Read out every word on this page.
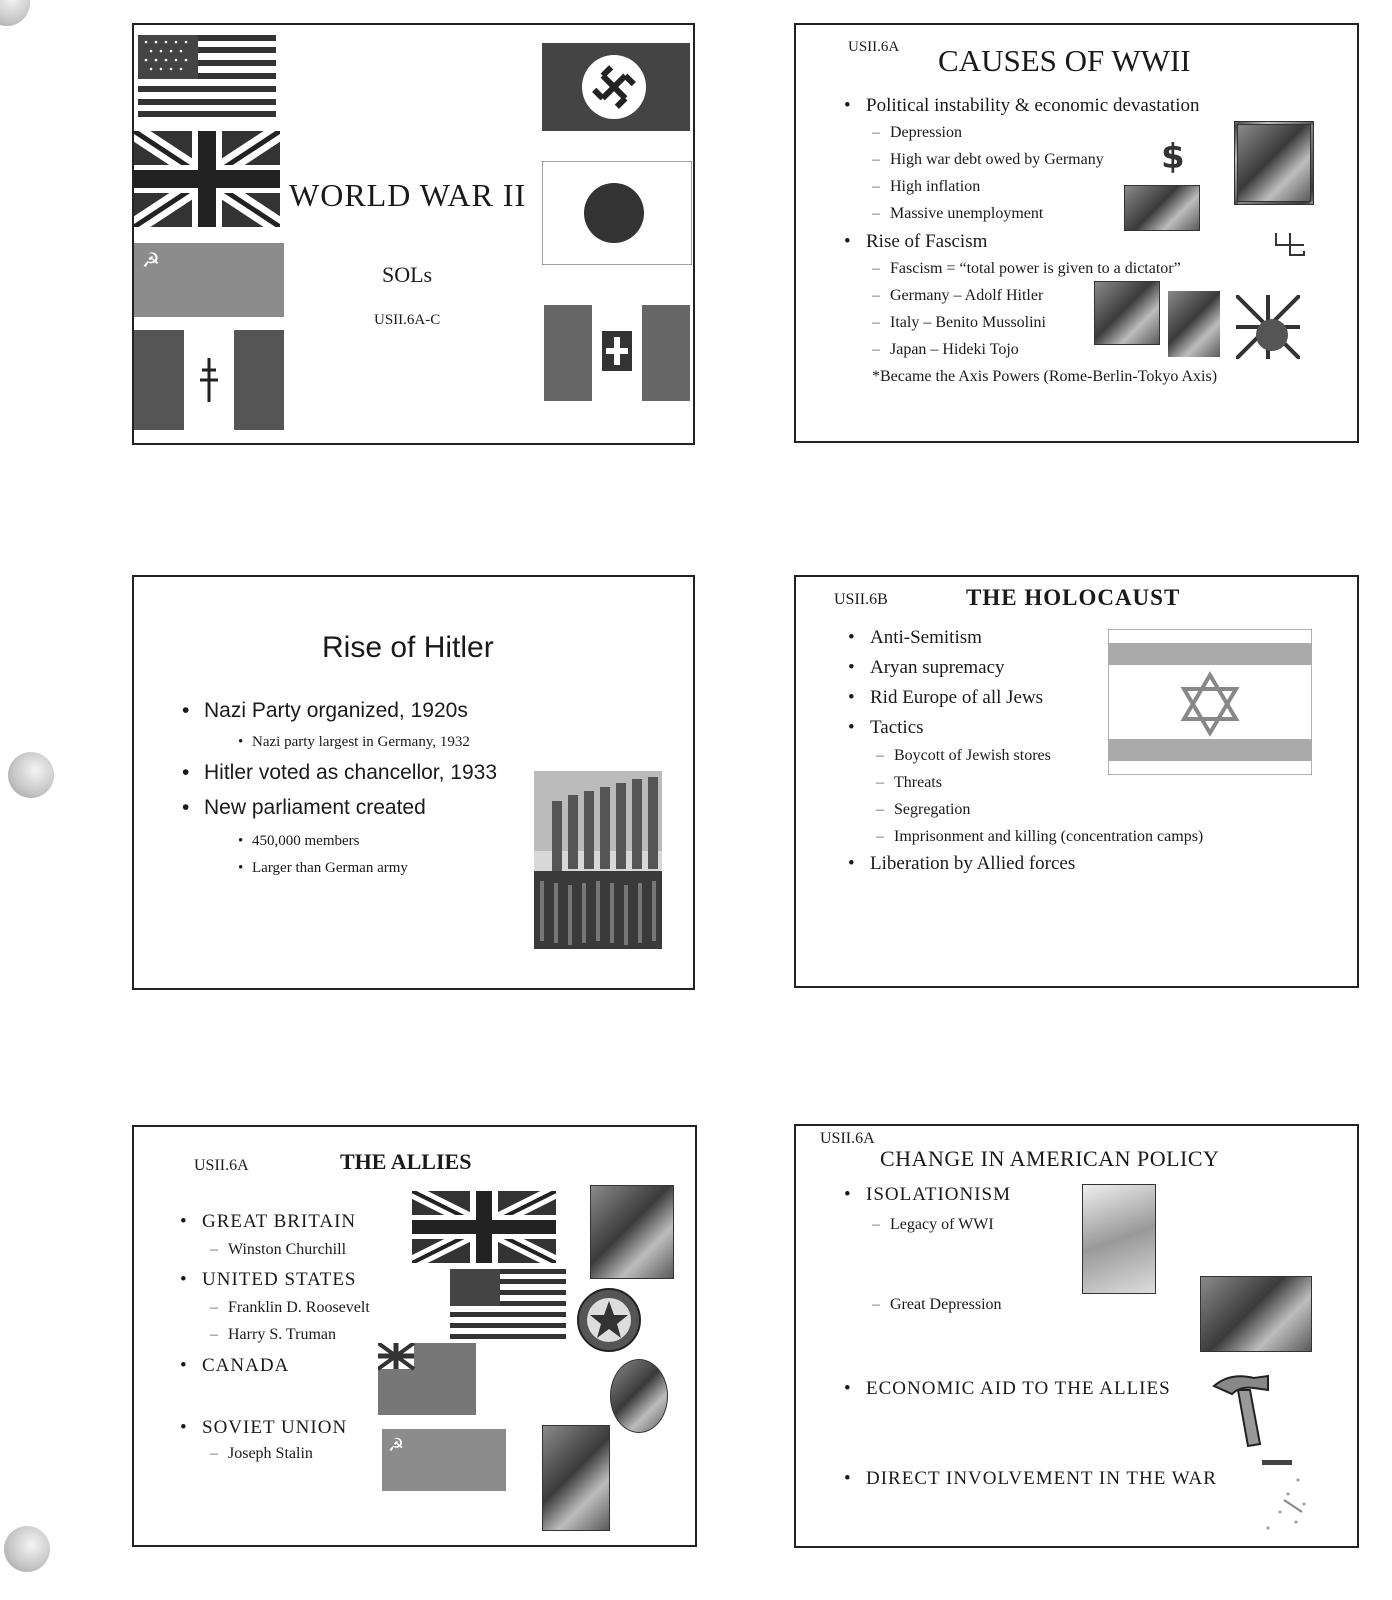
☭
WORLD WAR II
SOLs
USII.6A-C
USII.6A CAUSES OF WWII
• Political instability & economic devastation
– Depression
– High war debt owed by Germany
– High inflation
– Massive unemployment
$
• Rise of Fascism
– Fascism = “total power is given to a dictator”
– Germany – Adolf Hitler
– Italy – Benito Mussolini
– Japan – Hideki Tojo
*Became the Axis Powers (Rome-Berlin-Tokyo Axis)
Rise of Hitler
• Nazi Party organized, 1920s
• Nazi party largest in Germany, 1932
• Hitler voted as chancellor, 1933
• New parliament created
• 450,000 members
• Larger than German army
USII.6B	THE HOLOCAUST
• Anti-Semitism
• Aryan supremacy
• Rid Europe of all Jews
• Tactics
– Boycott of Jewish stores
– Threats
– Segregation
– Imprisonment and killing (concentration camps)
• Liberation by Allied forces
USII.6A	THE ALLIES
• GREAT BRITAIN
– Winston Churchill
• UNITED STATES
– Franklin D. Roosevelt
– Harry S. Truman
• CANADA
• SOVIET UNION
– Joseph Stalin	☭
USII.6A
CHANGE IN AMERICAN POLICY
• ISOLATIONISM
– Legacy of WWI
– Great Depression
• ECONOMIC AID TO THE ALLIES
• DIRECT INVOLVEMENT IN THE WAR
